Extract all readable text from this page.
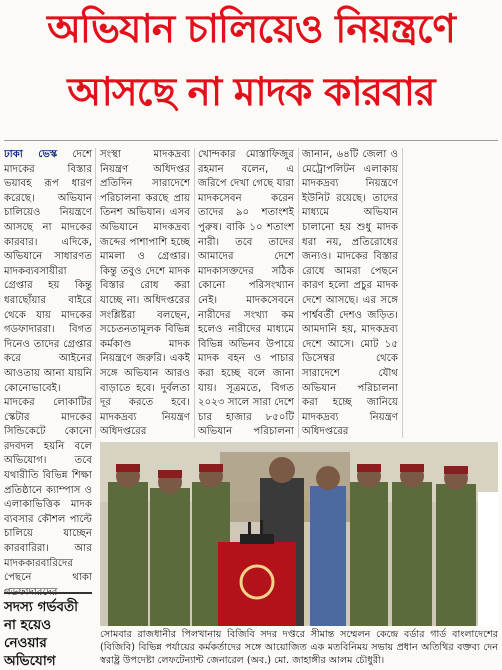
অভিযান চালিয়েও নিয়ন্ত্রণে
আসছে না মাদক কারবার

ঢাকা ভেস্ক দেশে মাদকের বিস্তার ভয়াবহ রূপ ধারণ করেছে। অভিযান চালিয়েও নিয়ন্ত্রণে আসছে না মাদকের কারবার। এদিকে, অভিযানে সাধারণত মাদকব্যবসায়ীরা গ্রেপ্তার হয় কিন্তু ধরাছোঁয়ার বাইরে থেকে যায় মাদকের গডফাদাররা। বিগত দিনেও তাদের গ্রেপ্তার করে আইনের আওতায় আনা যায়নি কোনোভাবেই। মাদকের লোকাটির স্কেটার মাদকের সিন্ডিকেটে কোনো রদবদল হয়নি বলে অভিযোগ। তবে যথারীতি বিভিন্ন শিক্ষা প্রতিষ্ঠানে ক্যাম্পাস ও এলাকাভিত্তিক মাদক ব্যবসার কৌশল পাল্টে চালিয়ে যাচ্ছেন কারবারিরা। আর মাদককারবারিদের পেছনে থাকা

সংস্থা মাদকদ্রব্য নিয়ন্ত্রণ অধিদপ্তর প্রতিদিন সারাদেশে পরিচালনা করছে প্রায় তিনশ অভিযান। এসব অভিযানে মাদকদ্রব্য জব্দের পাশাপাশি হচ্ছে মামলা ও গ্রেপ্তার। কিন্তু তবুও দেশে মাদক বিস্তার রোধ করা যাচ্ছে না। অধিদপ্তরের সংশ্লিষ্টরা বলছেন, সচেতনতামূলক বিভিন্ন কর্মকাণ্ড মাদক নিয়ন্ত্রণে জরুরি। একই সঙ্গে অভিযান আরও বাড়াতে হবে। দুর্বলতা দূর করতে হবে। মাদকদ্রব্য নিয়ন্ত্রণ অধিদপ্তরের

খোন্দকার মোস্তাফিজুর রহমান বলেন, এ জরিপে দেখা গেছে যারা মাদকসেবন করেন তাদের ৯০ শতাংশই পুরুষ। বাকি ১০ শতাংশ নারী। তবে তাদের আমাদের দেশে মাদকাসক্তদের সঠিক কোনো পরিসংখ্যান নেই। মাদকসেবনে নারীদের সংখ্যা কম হলেও নারীদের মাধ্যমে বিভিন্ন অভিনব উপায়ে মাদক বহন ও পাচার করা হচ্ছে বলে জানা যায়। সূত্রমতে, বিগত ২০২৩ সালে সারা দেশে চার হাজার ৮৫০টি অভিযান পরিচালনা

জানান, ৬৪টি জেলা ও মেট্রোপলিটন এলাকায় মাদকদ্রব্য নিয়ন্ত্রণে ইউনিট রয়েছে। তাদের মাধ্যমে অভিযান চালানো হয় শুধু মাদক ধরা নয়, প্রতিরোধের জন্যও। মাদকের বিস্তার রোধে আমরা পেছনে কারণ হলো প্রচুর মাদক দেশে আসছে। এর সঙ্গে পার্শ্ববর্তী দেশও জড়িত। আমদানি হয়, মাদকদ্রব্য দেশে আসে। মোট ১৫ ডিসেম্বর থেকে সারাদেশে যৌথ অভিযান পরিচালনা করা হচ্ছে জানিয়ে মাদকদ্রব্য নিয়ন্ত্রণ অধিদপ্তরের

সোমবার রাজধানীর পিলখানায় বিজিবি সদর দপ্তরে সীমান্ত সম্মেলন কেন্দ্রে বর্ডার গার্ড বাংলাদেশের (বিজিবি) বিভিন্ন পর্যায়ের কর্মকর্তাদের সঙ্গে আয়োজিত এক মতবিনিময় সভায় প্রধান অতিথির বক্তব্য দেন স্বরাষ্ট্র উপদেষ্টা লেফটেন্যান্ট জেনারেল (অব.) মো. জাহাঙ্গীর আলম চৌধুরী।
সদস্য গর্ভবতী না হয়েও নেওয়ার অভিযোগ
